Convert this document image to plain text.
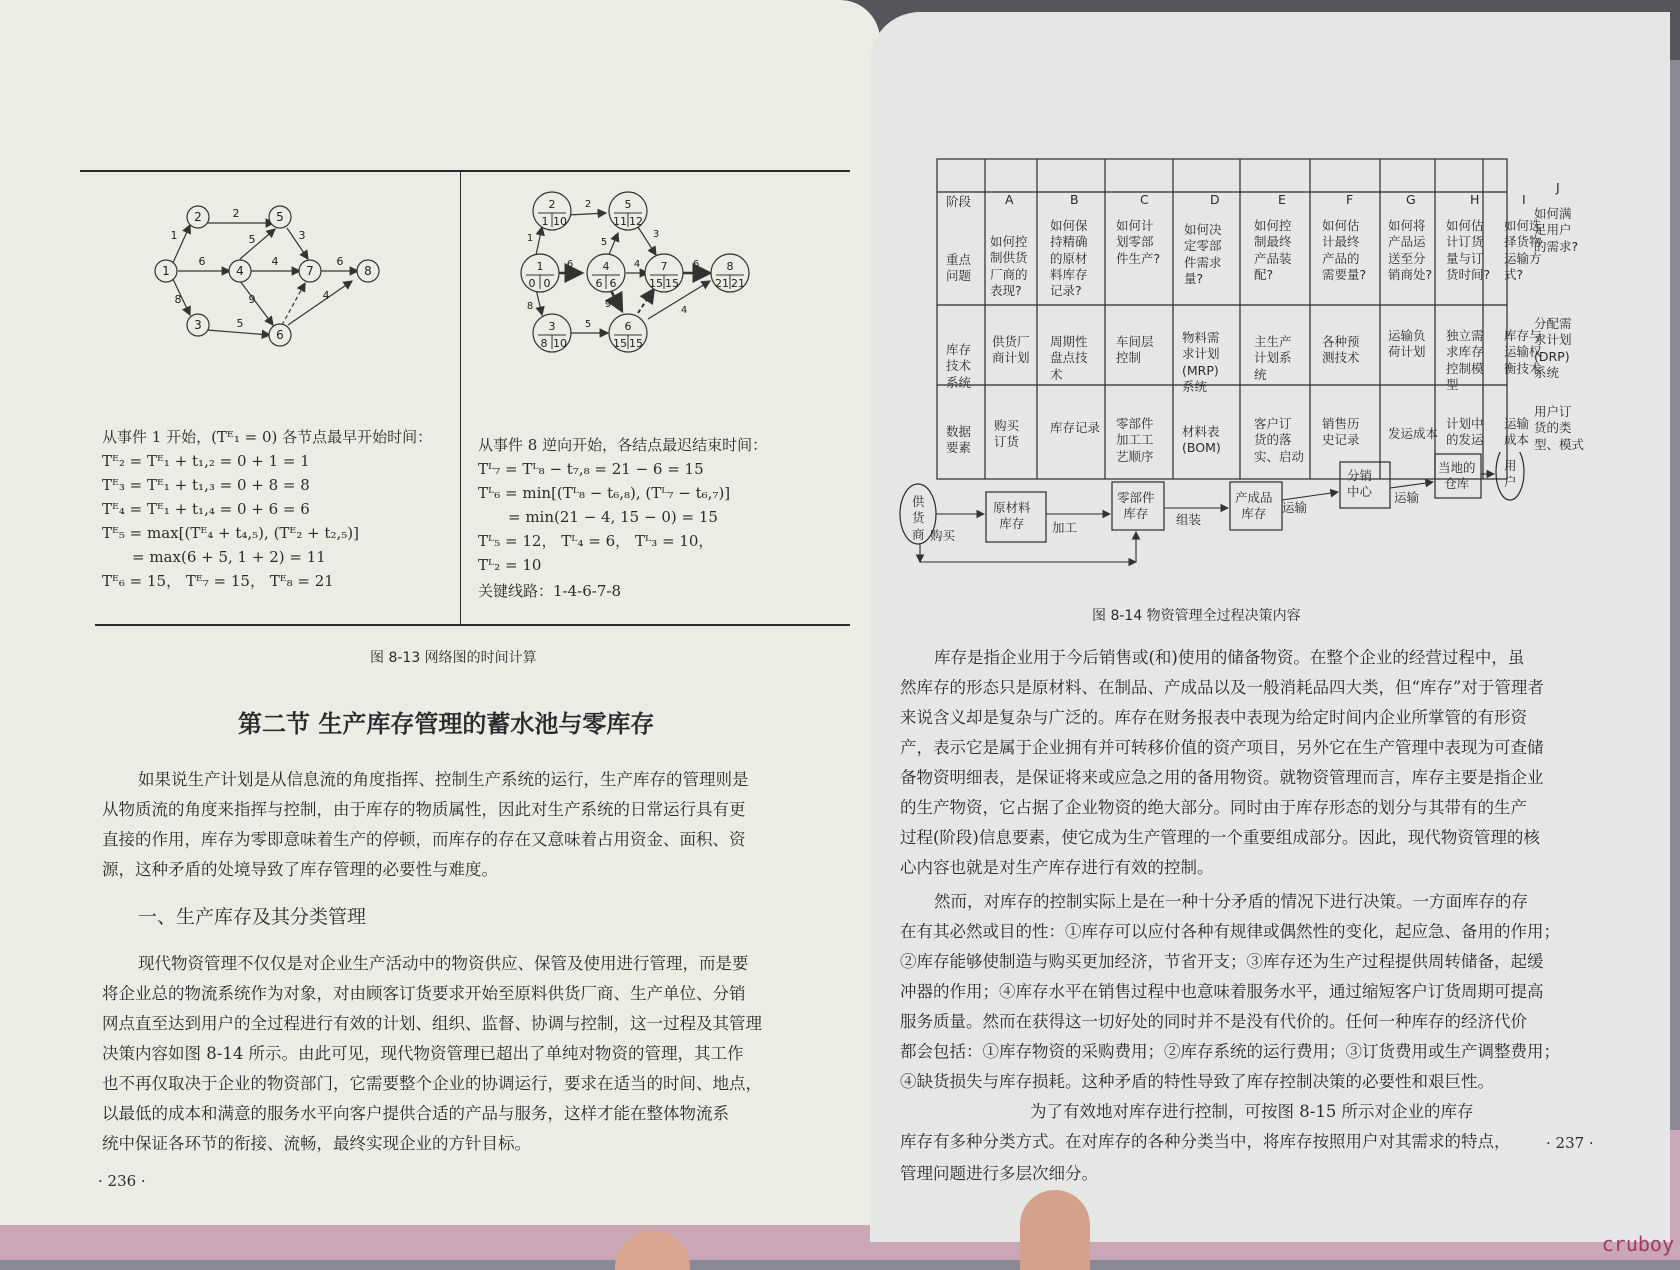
1
2
3
4
5
6
7	8
1
2
6
8
5
9
4
3
5
6
4
1
0 0
2
1 10
3
8 10
4
6 6
5
11 12
6
15 15
7
15 15
8
21 21
1
2
6
8
5
9
4
3
5
6
4
从事件 1 开始，(Tᴱ₁ = 0) 各节点最早开始时间：
Tᴱ₂ = Tᴱ₁ + t₁,₂ = 0 + 1 = 1
Tᴱ₃ = Tᴱ₁ + t₁,₃ = 0 + 8 = 8
Tᴱ₄ = Tᴱ₁ + t₁,₄ = 0 + 6 = 6
Tᴱ₅ = max[(Tᴱ₄ + t₄,₅), (Tᴱ₂ + t₂,₅)]
= max(6 + 5, 1 + 2) = 11
Tᴱ₆ = 15， Tᴱ₇ = 15， Tᴱ₈ = 21
从事件 8 逆向开始，各结点最迟结束时间：
Tᴸ₇ = Tᴸ₈ − t₇,₈ = 21 − 6 = 15
Tᴸ₆ = min[(Tᴸ₈ − t₆,₈), (Tᴸ₇ − t₆,₇)]
= min(21 − 4, 15 − 0) = 15
Tᴸ₅ = 12， Tᴸ₄ = 6， Tᴸ₃ = 10，
Tᴸ₂ = 10
关键线路：1-4-6-7-8
图 8-13 网络图的时间计算
第二节 生产库存管理的蓄水池与零库存
如果说生产计划是从信息流的角度指挥、控制生产系统的运行，生产库存的管理则是
从物质流的角度来指挥与控制，由于库存的物质属性，因此对生产系统的日常运行具有更
直接的作用，库存为零即意味着生产的停顿，而库存的存在又意味着占用资金、面积、资
源，这种矛盾的处境导致了库存管理的必要性与难度。
一、生产库存及其分类管理
现代物资管理不仅仅是对企业生产活动中的物资供应、保管及使用进行管理，而是要
将企业总的物流系统作为对象，对由顾客订货要求开始至原料供货厂商、生产单位、分销
网点直至达到用户的全过程进行有效的计划、组织、监督、协调与控制，这一过程及其管理
决策内容如图 8-14 所示。由此可见，现代物资管理已超出了单纯对物资的管理，其工作
也不再仅取决于企业的物资部门，它需要整个企业的协调运行，要求在适当的时间、地点，
以最低的成本和满意的服务水平向客户提供合适的产品与服务，这样才能在整体物流系
统中保证各环节的衔接、流畅，最终实现企业的方针目标。
· 236 ·
阶段
重点
问题
库存
技术
系统
数据
要素
A
如何控
制供货
厂商的
表现?
供货厂
商计划
购买
订货
B
如何保
持精确
的原材
料库存
记录?
周期性
盘点技
术
库存记录
C
如何计
划零部
件生产?
车间层
控制
零部件
加工工
艺顺序
D
如何决
定零部
件需求
量?
物料需
求计划
(MRP)
系统
材料表
(BOM)
E
如何控
制最终
产品装
配?
主生产
计划系
统
客户订
货的落
实、启动
F
如何估
计最终
产品的
需要量?
各种预
测技术
销售历
史记录
G
如何将
产品运
送至分
销商处?
运输负
荷计划
发运成本
H
如何估
计订货
量与订
货时间?
独立需
求库存
控制模
型
计划中
的发运
I
如何选
择货物
运输方
式?
库存与
运输权
衡技术
运输
成本
供
货
商
原材料
库存
零部件
库存
产成品
库存
分销
中心
当地的
仓库
用
户
购买
加工
组装
运输
运输
图 8-14 物资管理全过程决策内容
库存是指企业用于今后销售或(和)使用的储备物资。在整个企业的经营过程中，虽
然库存的形态只是原材料、在制品、产成品以及一般消耗品四大类，但“库存”对于管理者
来说含义却是复杂与广泛的。库存在财务报表中表现为给定时间内企业所掌管的有形资
产，表示它是属于企业拥有并可转移价值的资产项目，另外它在生产管理中表现为可查储
备物资明细表，是保证将来或应急之用的备用物资。就物资管理而言，库存主要是指企业
的生产物资，它占据了企业物资的绝大部分。同时由于库存形态的划分与其带有的生产
过程(阶段)信息要素，使它成为生产管理的一个重要组成部分。因此，现代物资管理的核
心内容也就是对生产库存进行有效的控制。
然而，对库存的控制实际上是在一种十分矛盾的情况下进行决策。一方面库存的存
在有其必然或目的性：①库存可以应付各种有规律或偶然性的变化，起应急、备用的作用；
②库存能够使制造与购买更加经济，节省开支；③库存还为生产过程提供周转储备，起缓
冲器的作用；④库存水平在销售过程中也意味着服务水平，通过缩短客户订货周期可提高
服务质量。然而在获得这一切好处的同时并不是没有代价的。任何一种库存的经济代价
都会包括：①库存物资的采购费用；②库存系统的运行费用；③订货费用或生产调整费用；
④缺货损失与库存损耗。这种矛盾的特性导致了库存控制决策的必要性和艰巨性。
为了有效地对库存进行控制，可按图 8-15 所示对企业的库存
库存有多种分类方式。在对库存的各种分类当中，将库存按照用户对其需求的特点，
管理问题进行多层次细分。
· 237 ·
cruboy
J
如何满
足用户
的需求?
分配需
求计划
(DRP)
系统
用户订
货的类
型、模式
